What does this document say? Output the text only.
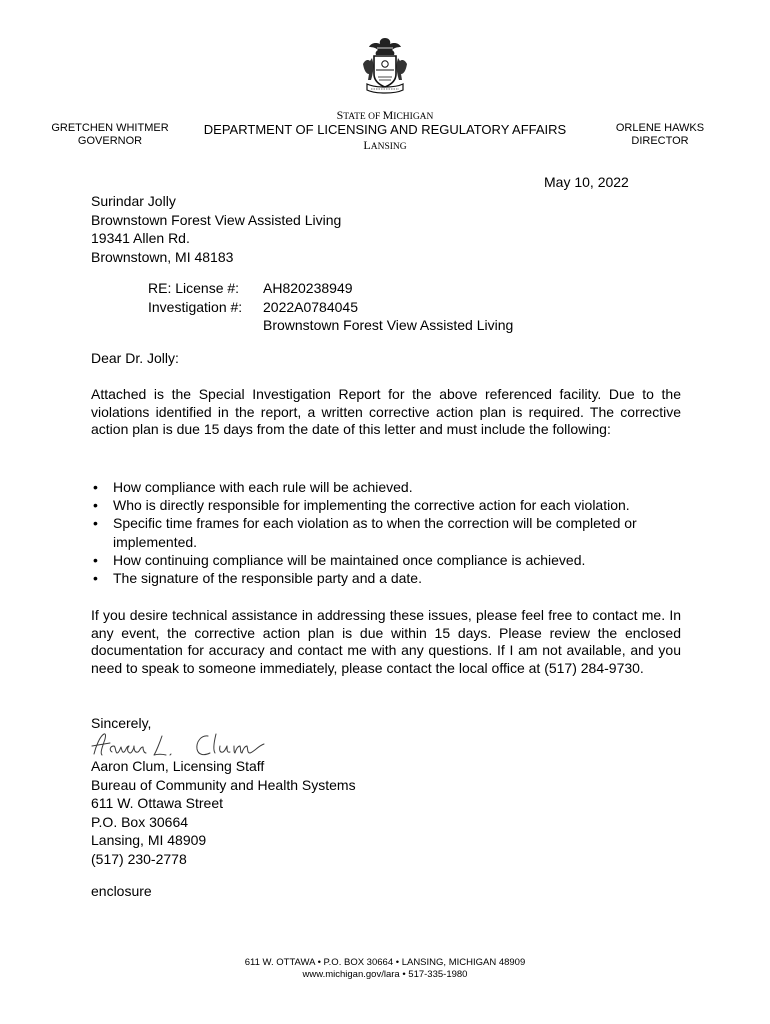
GRETCHEN WHITMER
GOVERNOR
STATE OF MICHIGAN
DEPARTMENT OF LICENSING AND REGULATORY AFFAIRS
LANSING
ORLENE HAWKS
DIRECTOR
May 10, 2022
Surindar Jolly
Brownstown Forest View Assisted Living
19341 Allen Rd.
Brownstown, MI 48183
RE: License #: AH820238949
Investigation #: 2022A0784045
Brownstown Forest View Assisted Living
Dear Dr. Jolly:
Attached is the Special Investigation Report for the above referenced facility. Due to the violations identified in the report, a written corrective action plan is required. The corrective action plan is due 15 days from the date of this letter and must include the following:
• How compliance with each rule will be achieved.
• Who is directly responsible for implementing the corrective action for each violation.
• Specific time frames for each violation as to when the correction will be completed or implemented.
• How continuing compliance will be maintained once compliance is achieved.
• The signature of the responsible party and a date.
If you desire technical assistance in addressing these issues, please feel free to contact me. In any event, the corrective action plan is due within 15 days. Please review the enclosed documentation for accuracy and contact me with any questions. If I am not available, and you need to speak to someone immediately, please contact the local office at (517) 284-9730.
Sincerely,
Aaron Clum, Licensing Staff
Bureau of Community and Health Systems
611 W. Ottawa Street
P.O. Box 30664
Lansing, MI 48909
(517) 230-2778
enclosure
611 W. OTTAWA • P.O. BOX 30664 • LANSING, MICHIGAN 48909
www.michigan.gov/lara • 517-335-1980
